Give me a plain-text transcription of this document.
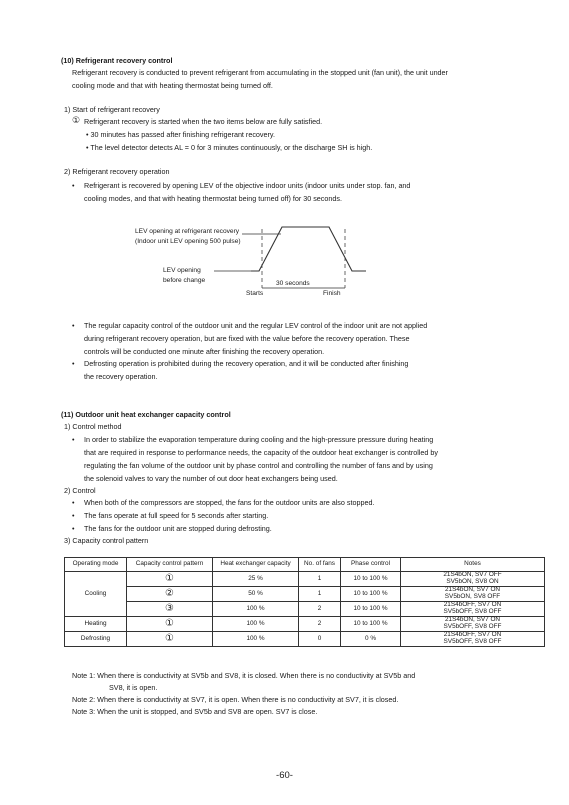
(10) Refrigerant recovery control
Refrigerant recovery is conducted to prevent refrigerant from accumulating in the stopped unit (fan unit), the unit under
cooling mode and that with heating thermostat being turned off.
1) Start of refrigerant recovery
① Refrigerant recovery is started when the two items below are fully satisfied.
• 30 minutes has passed after finishing refrigerant recovery.
• The level detector detects AL = 0 for 3 minutes continuously, or the discharge SH is high.
2) Refrigerant recovery operation
• Refrigerant is recovered by opening LEV of the objective indoor units (indoor units under stop. fan, and
cooling modes, and that with heating thermostat being turned off) for 30 seconds.
LEV opening at refrigerant recovery
(Indoor unit LEV opening 500 pulse)
LEV opening
before change	30 seconds
Starts	Finish
• The regular capacity control of the outdoor unit and the regular LEV control of the indoor unit are not applied
during refrigerant recovery operation, but are fixed with the value before the recovery operation. These
controls will be conducted one minute after finishing the recovery operation.
• Defrosting operation is prohibited during the recovery operation, and it will be conducted after finishing
the recovery operation.
(11) Outdoor unit heat exchanger capacity control
1) Control method
• In order to stabilize the evaporation temperature during cooling and the high-pressure pressure during heating
that are required in response to performance needs, the capacity of the outdoor heat exchanger is controlled by
regulating the fan volume of the outdoor unit by phase control and controlling the number of fans and by using
the solenoid valves to vary the number of out door heat exchangers being used.
2) Control
• When both of the compressors are stopped, the fans for the outdoor units are also stopped.
• The fans operate at full speed for 5 seconds after starting.
• The fans for the outdoor unit are stopped during defrosting.
3) Capacity control pattern
Operating mode	Capacity control pattern	Heat exchanger capacity	No. of fans	Phase control	Notes
Cooling	①	25 %	1	10 to 100 %	21S4bON, SV7 OFF
SV5bON, SV8 ON

	②	50 %	1	10 to 100 %	21S4bON, SV7 ON
SV5bON, SV8 OFF

	③	100 %	2	10 to 100 %	21S4bOFF, SV7 ON
SV5bOFF, SV8 OFF

Heating	①	100 %	2	10 to 100 %	21S4bON, SV7 ON
SV5bOFF, SV8 OFF

Defrosting	①	100 %	0	0 %	21S4bOFF, SV7 ON
SV5bOFF, SV8 OFF
Note 1: When there is conductivity at SV5b and SV8, it is closed. When there is no conductivity at SV5b and
SV8, it is open.
Note 2: When there is conductivity at SV7, it is open. When there is no conductivity at SV7, it is closed.
Note 3: When the unit is stopped, and SV5b and SV8 are open. SV7 is close.
-60-
